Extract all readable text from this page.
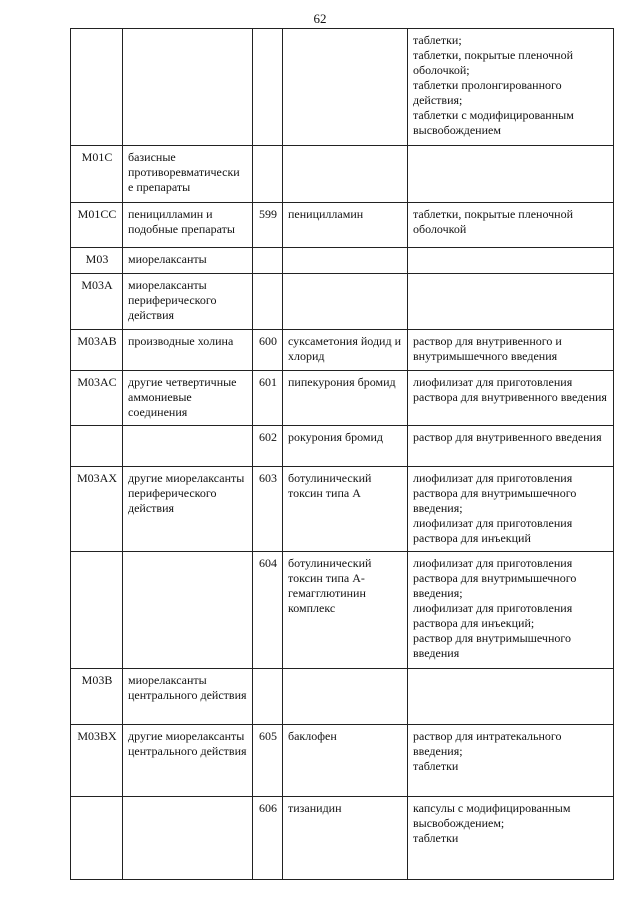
62
				таблетки;
таблетки, покрытые пленочной оболочкой;
таблетки пролонгированного действия;
таблетки с модифицированным высвобождением
M01C	базисные противоревматически е препараты			
M01CC	пеницилламин и подобные препараты	599	пеницилламин	таблетки, покрытые пленочной оболочкой
M03	миорелаксанты			
M03A	миорелаксанты периферического действия			
M03AB	производные холина	600	суксаметония йодид и хлорид	раствор для внутривенного и внутримышечного введения
M03AC	другие четвертичные аммониевые соединения	601	пипекурония бромид	лиофилизат для приготовления раствора для внутривенного введения
		602	рокурония бромид	раствор для внутривенного введения
M03AX	другие миорелаксанты периферического действия	603	ботулинический токсин типа А	лиофилизат для приготовления раствора для внутримышечного введения;
лиофилизат для приготовления раствора для инъекций
		604	ботулинический токсин типа А-гемагглютинин комплекс	лиофилизат для приготовления раствора для внутримышечного введения;
лиофилизат для приготовления раствора для инъекций;
раствор для внутримышечного введения
M03B	миорелаксанты центрального действия			
M03BX	другие миорелаксанты центрального действия	605	баклофен	раствор для интратекального введения;
таблетки
		606	тизанидин	капсулы с модифицированным высвобождением;
таблетки
